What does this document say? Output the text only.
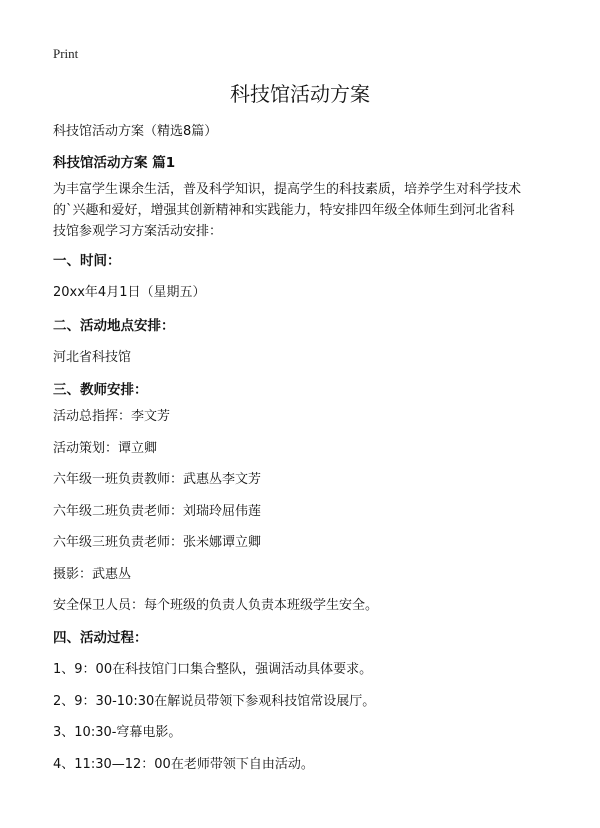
Print
科技馆活动方案
科技馆活动方案（精选8篇）
科技馆活动方案 篇1
为丰富学生课余生活，普及科学知识，提高学生的科技素质，培养学生对科学技术
的`兴趣和爱好，增强其创新精神和实践能力，特安排四年级全体师生到河北省科
技馆参观学习方案活动安排：
一、时间：
20xx年4月1日（星期五）
二、活动地点安排：
河北省科技馆
三、教师安排：
活动总指挥：李文芳
活动策划：谭立卿
六年级一班负责教师：武惠丛李文芳
六年级二班负责老师：刘瑞玲屈伟莲
六年级三班负责老师：张米娜谭立卿
摄影：武惠丛
安全保卫人员：每个班级的负责人负责本班级学生安全。
四、活动过程：
1、9：00在科技馆门口集合整队，强调活动具体要求。
2、9：30-10:30在解说员带领下参观科技馆常设展厅。
3、10:30-穹幕电影。
4、11:30—12：00在老师带领下自由活动。
